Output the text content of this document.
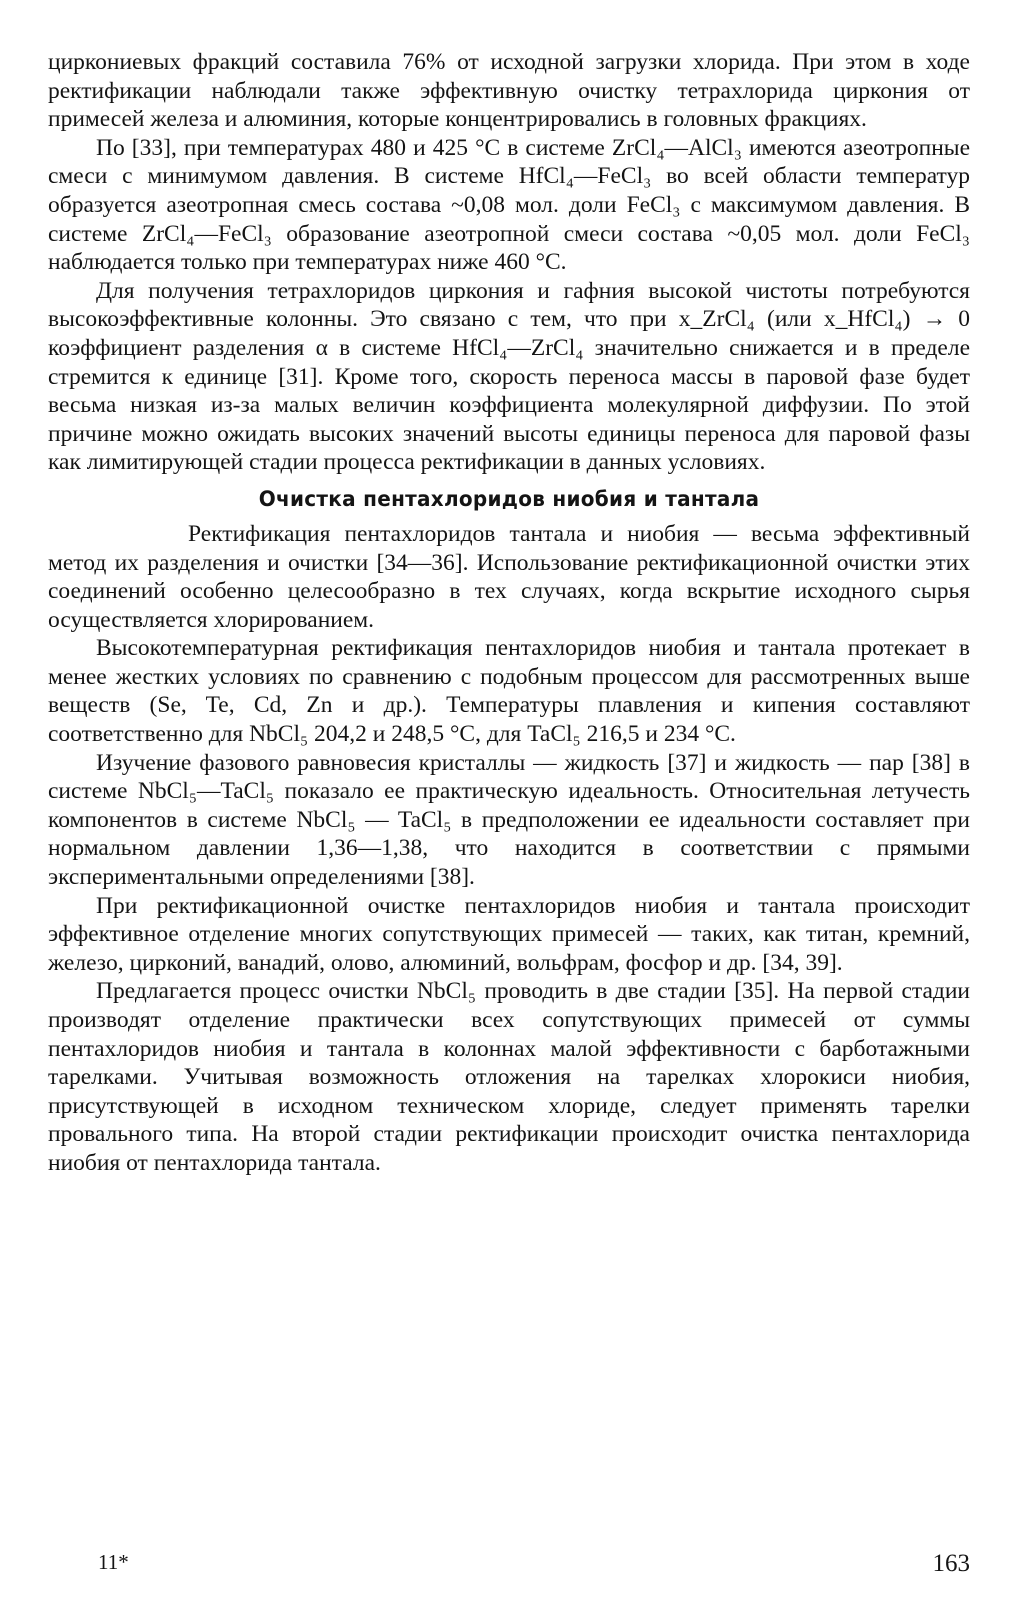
циркониевых фракций составила 76% от исходной загрузки хлорида. При этом в ходе ректификации наблюдали также эффективную очистку тетрахлорида циркония от примесей железа и алюминия, которые концентрировались в головных фракциях.

По [33], при температурах 480 и 425 °С в системе ZrCl₄—AlCl₃ имеются азеотропные смеси с минимумом давления. В системе HfCl₄—FeCl₃ во всей области температур образуется азеотропная смесь состава ~0,08 мол. доли FeCl₃ с максимумом давления. В системе ZrCl₄—FeCl₃ образование азеотропной смеси состава ~0,05 мол. доли FeCl₃ наблюдается только при температурах ниже 460 °С.

Для получения тетрахлоридов циркония и гафния высокой чистоты потребуются высокоэффективные колонны. Это связано с тем, что при x_ZrCl₄ (или x_HfCl₄) → 0 коэффициент разделения α в системе HfCl₄—ZrCl₄ значительно снижается и в пределе стремится к единице [31]. Кроме того, скорость переноса массы в паровой фазе будет весьма низкая из-за малых величин коэффициента молекулярной диффузии. По этой причине можно ожидать высоких значений высоты единицы переноса для паровой фазы как лимитирующей стадии процесса ректификации в данных условиях.

Очистка пентахлоридов ниобия и тантала

Ректификация пентахлоридов тантала и ниобия — весьма эффективный метод их разделения и очистки [34—36]. Использование ректификационной очистки этих соединений особенно целесообразно в тех случаях, когда вскрытие исходного сырья осуществляется хлорированием.

Высокотемпературная ректификация пентахлоридов ниобия и тантала протекает в менее жестких условиях по сравнению с подобным процессом для рассмотренных выше веществ (Se, Te, Cd, Zn и др.). Температуры плавления и кипения составляют соответственно для NbCl₅ 204,2 и 248,5 °С, для TaCl₅ 216,5 и 234 °С.

Изучение фазового равновесия кристаллы — жидкость [37] и жидкость — пар [38] в системе NbCl₅—TaCl₅ показало ее практическую идеальность. Относительная летучесть компонентов в системе NbCl₅ — TaCl₅ в предположении ее идеальности составляет при нормальном давлении 1,36—1,38, что находится в соответствии с прямыми экспериментальными определениями [38].

При ректификационной очистке пентахлоридов ниобия и тантала происходит эффективное отделение многих сопутствующих примесей — таких, как титан, кремний, железо, цирконий, ванадий, олово, алюминий, вольфрам, фосфор и др. [34, 39].

Предлагается процесс очистки NbCl₅ проводить в две стадии [35]. На первой стадии производят отделение практически всех сопутствующих примесей от суммы пентахлоридов ниобия и тантала в колоннах малой эффективности с барботажными тарелками. Учитывая возможность отложения на тарелках хлорокиси ниобия, присутствующей в исходном техническом хлориде, следует применять тарелки провального типа. На второй стадии ректификации происходит очистка пентахлорида ниобия от пентахлорида тантала.

11*	163
